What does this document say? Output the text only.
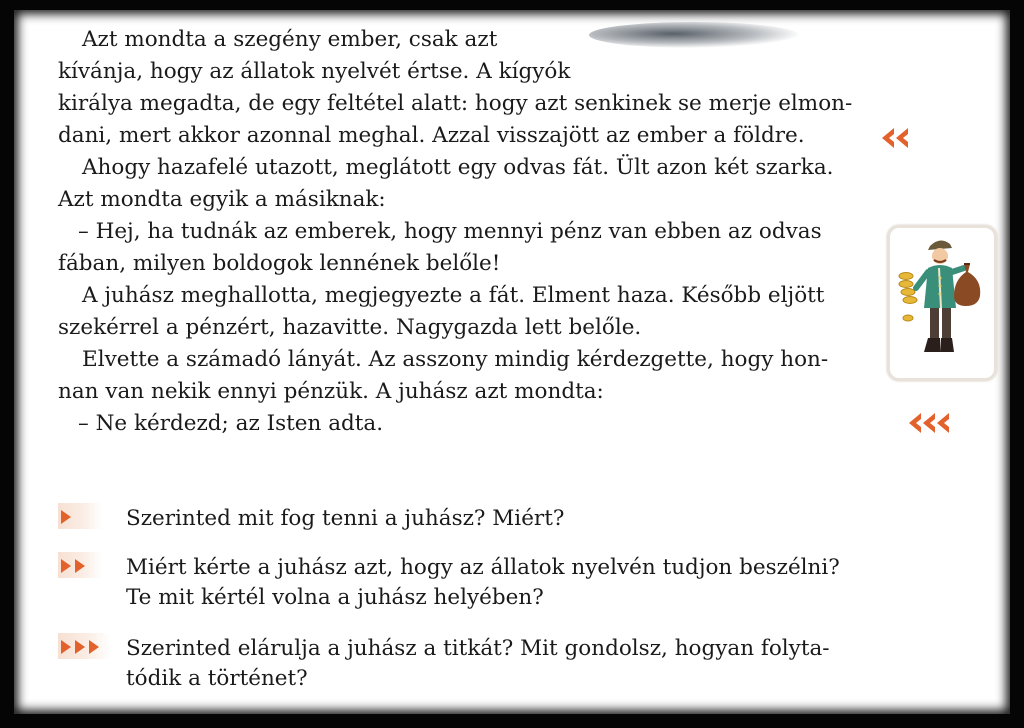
Azt mondta a szegény ember, csak azt
kívánja, hogy az állatok nyelvét értse. A kígyók
királya megadta, de egy feltétel alatt: hogy azt senkinek se merje elmon-
dani, mert akkor azonnal meghal. Azzal visszajött az ember a földre.
Ahogy hazafelé utazott, meglátott egy odvas fát. Ült azon két szarka.
Azt mondta egyik a másiknak:
– Hej, ha tudnák az emberek, hogy mennyi pénz van ebben az odvas
fában, milyen boldogok lennének belőle!
A juhász meghallotta, megjegyezte a fát. Elment haza. Később eljött
szekérrel a pénzért, hazavitte. Nagygazda lett belőle.
Elvette a számadó lányát. Az asszony mindig kérdezgette, hogy hon-
nan van nekik ennyi pénzük. A juhász azt mondta:
– Ne kérdezd; az Isten adta.
Szerinted mit fog tenni a juhász? Miért?
Miért kérte a juhász azt, hogy az állatok nyelvén tudjon beszélni?
Te mit kértél volna a juhász helyében?
Szerinted elárulja a juhász a titkát? Mit gondolsz, hogyan folyta-
tódik a történet?
